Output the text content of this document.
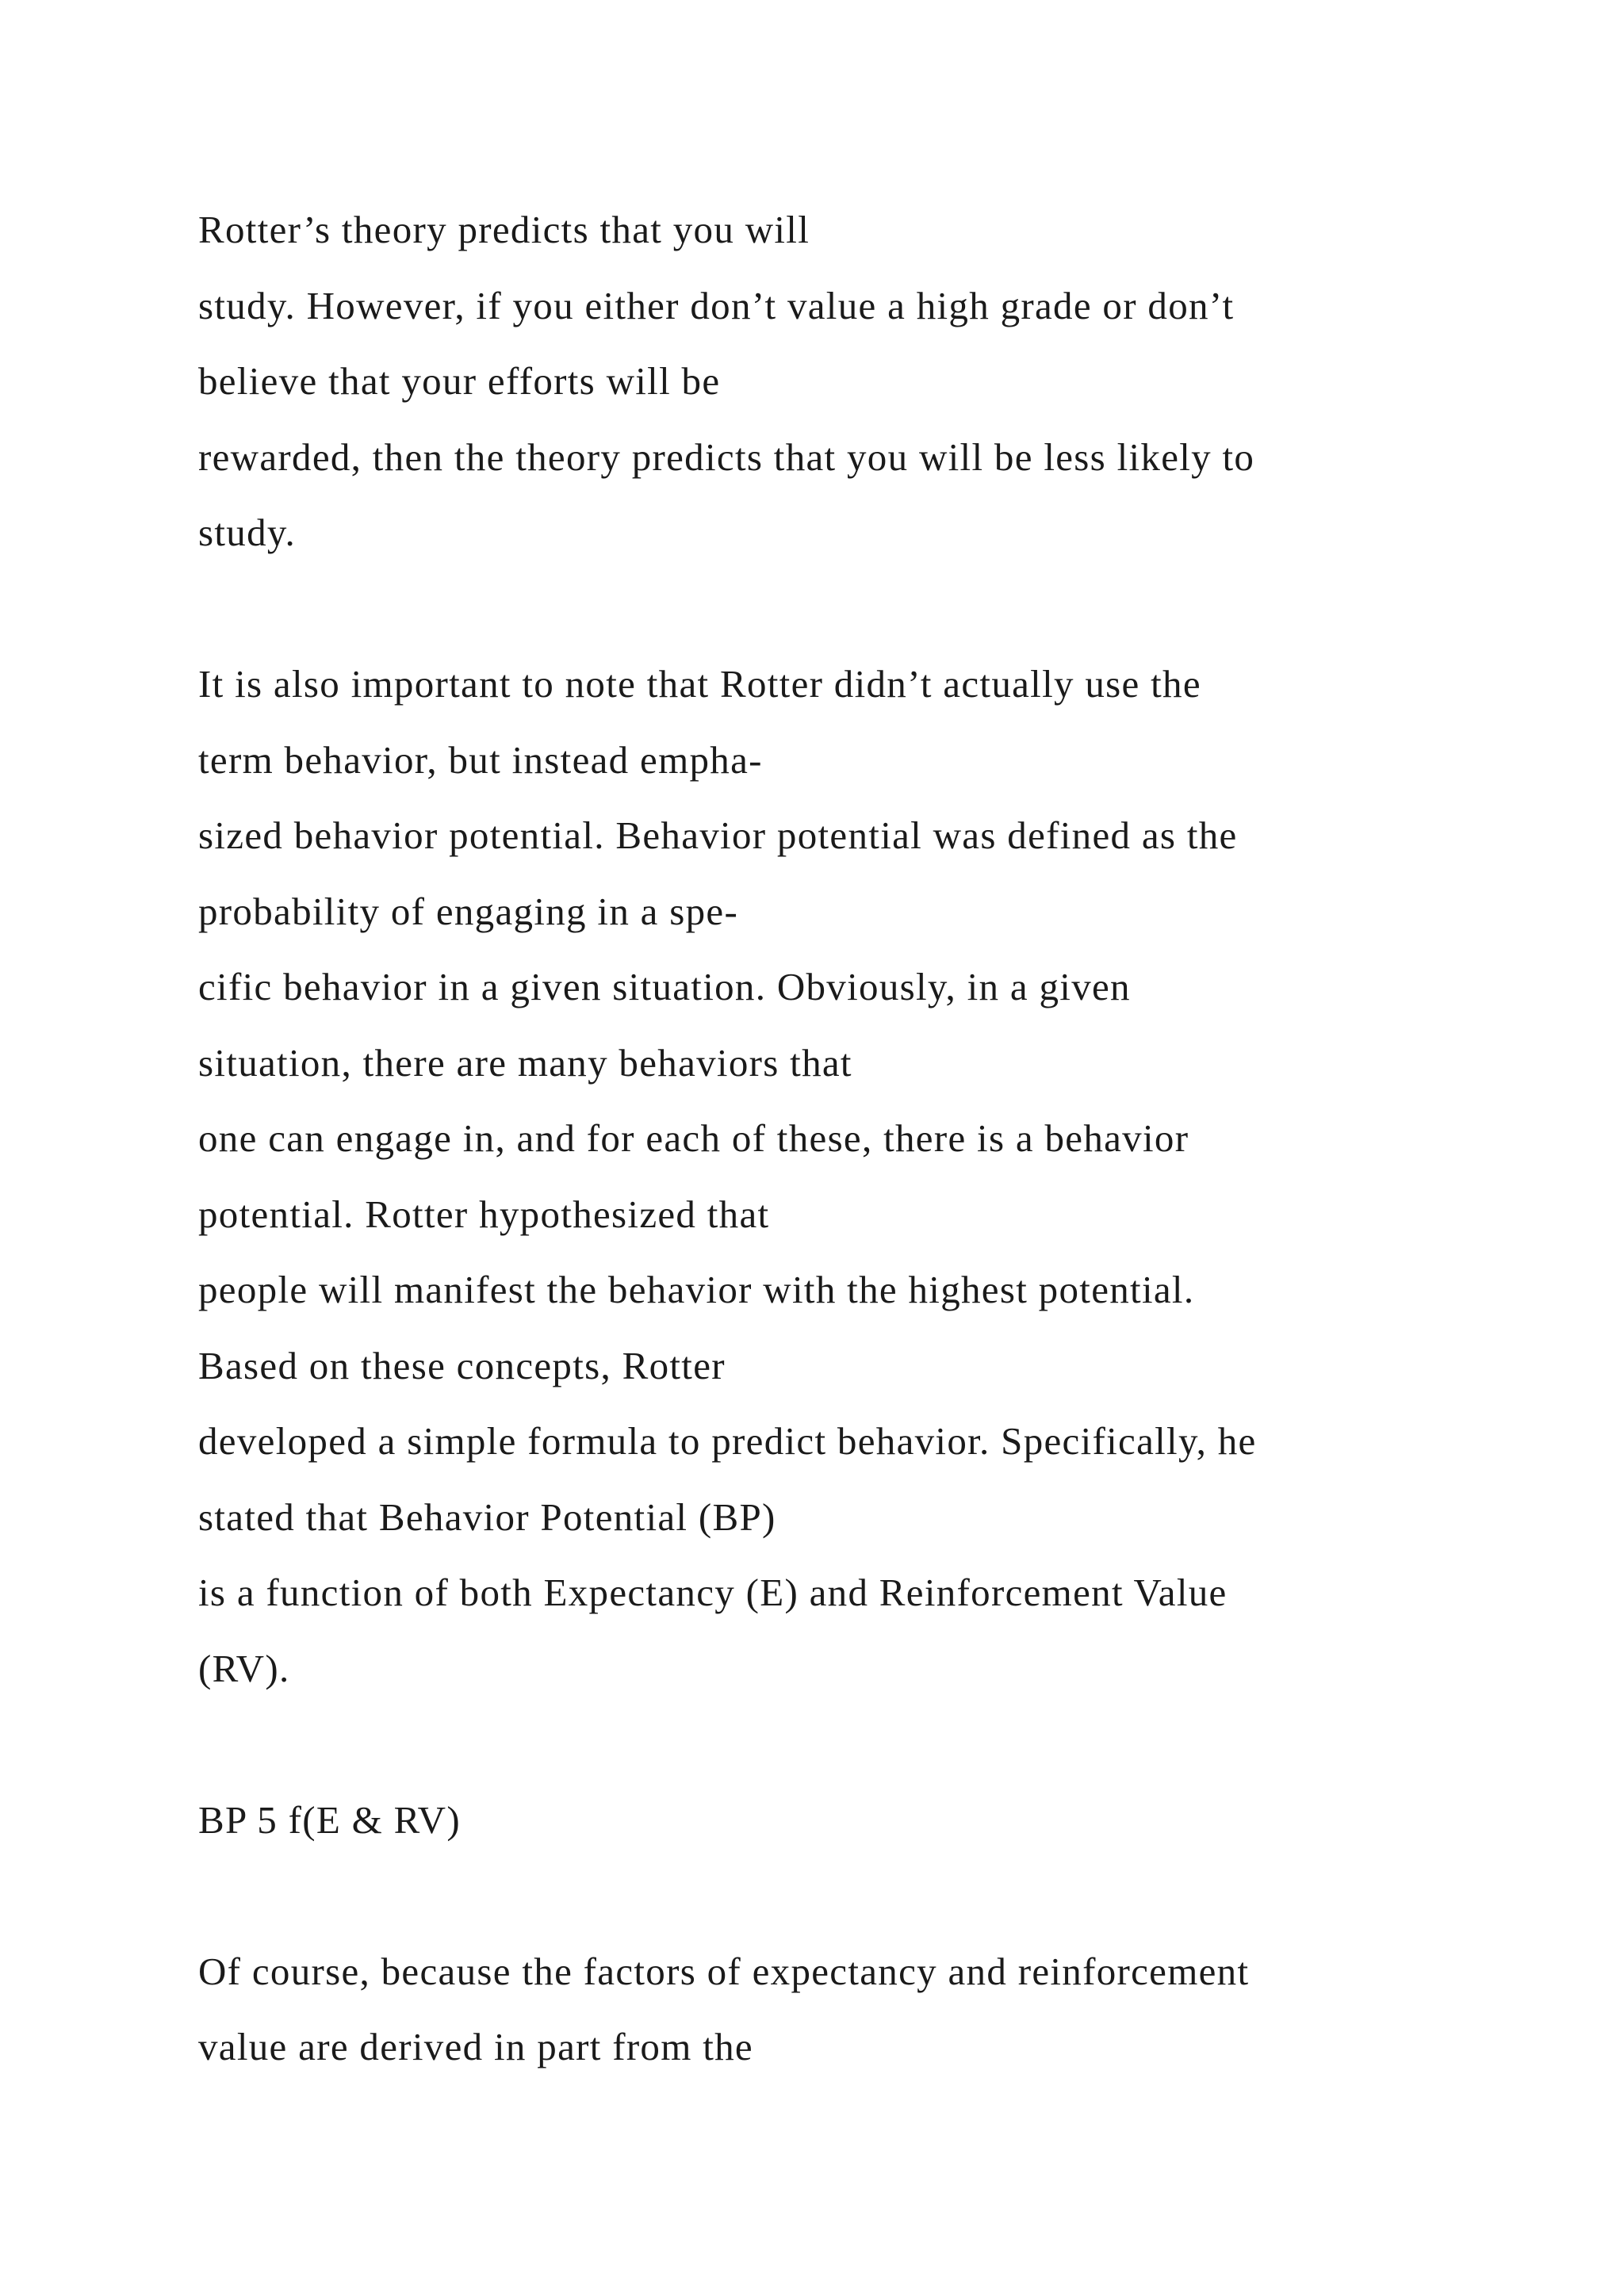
Rotter’s theory predicts that you will
study. However, if you either don’t value a high grade or don’t
believe that your efforts will be
rewarded, then the theory predicts that you will be less likely to
study.
It is also important to note that Rotter didn’t actually use the
term behavior, but instead empha-
sized behavior potential. Behavior potential was defined as the
probability of engaging in a spe-
cific behavior in a given situation. Obviously, in a given
situation, there are many behaviors that
one can engage in, and for each of these, there is a behavior
potential. Rotter hypothesized that
people will manifest the behavior with the highest potential.
Based on these concepts, Rotter
developed a simple formula to predict behavior. Specifically, he
stated that Behavior Potential (BP)
is a function of both Expectancy (E) and Reinforcement Value
(RV).
BP 5 f(E & RV)
Of course, because the factors of expectancy and reinforcement
value are derived in part from the
